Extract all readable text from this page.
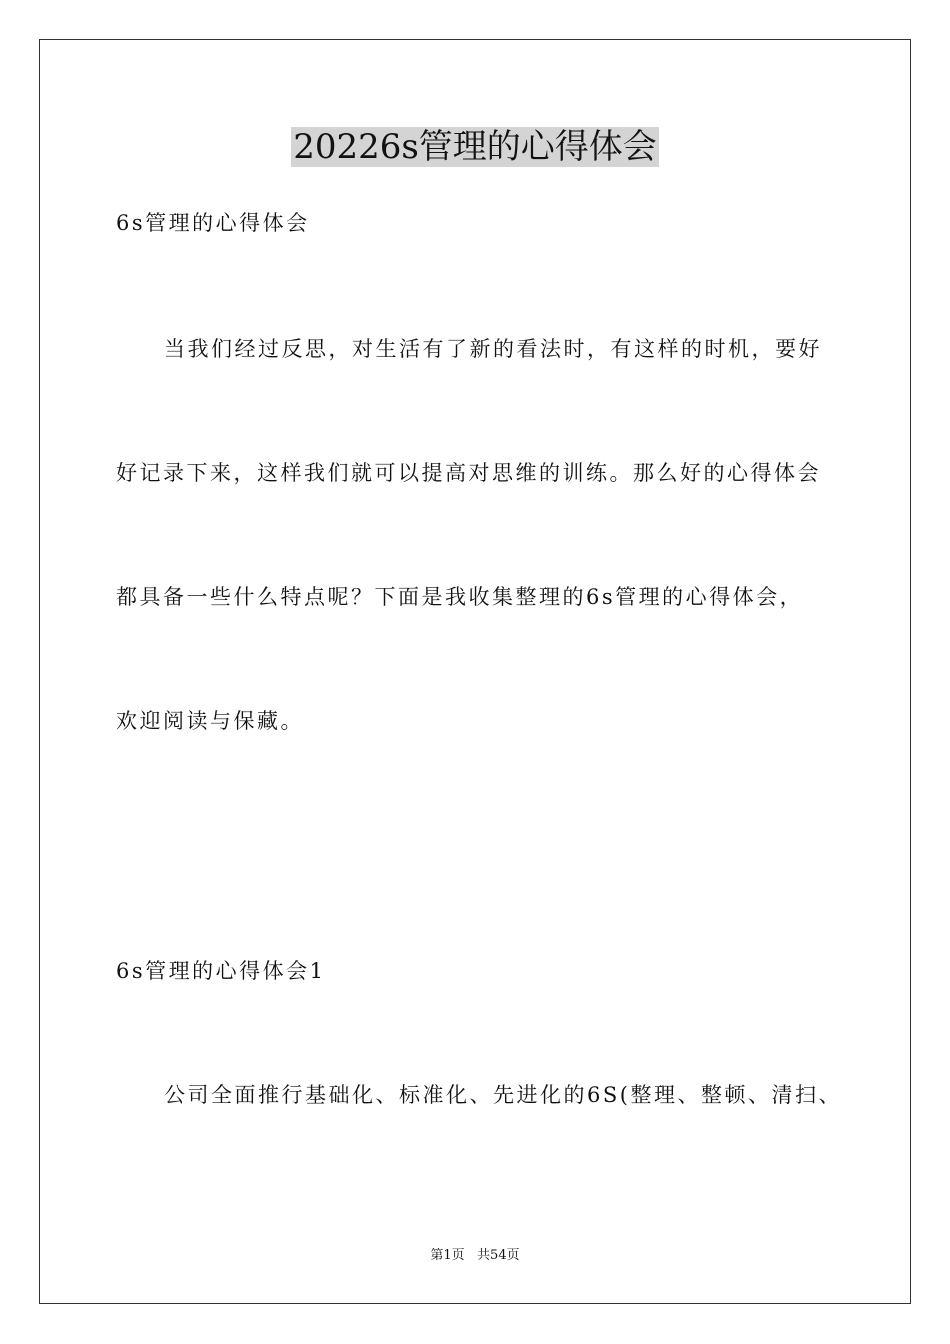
20226s管理的心得体会
6s管理的心得体会
当我们经过反思，对生活有了新的看法时，有这样的时机，要好
好记录下来，这样我们就可以提高对思维的训练。那么好的心得体会
都具备一些什么特点呢？下面是我收集整理的6s管理的心得体会，
欢迎阅读与保藏。
6s管理的心得体会1
公司全面推行基础化、标准化、先进化的6S(整理、整顿、清扫、
第1页   共54页
